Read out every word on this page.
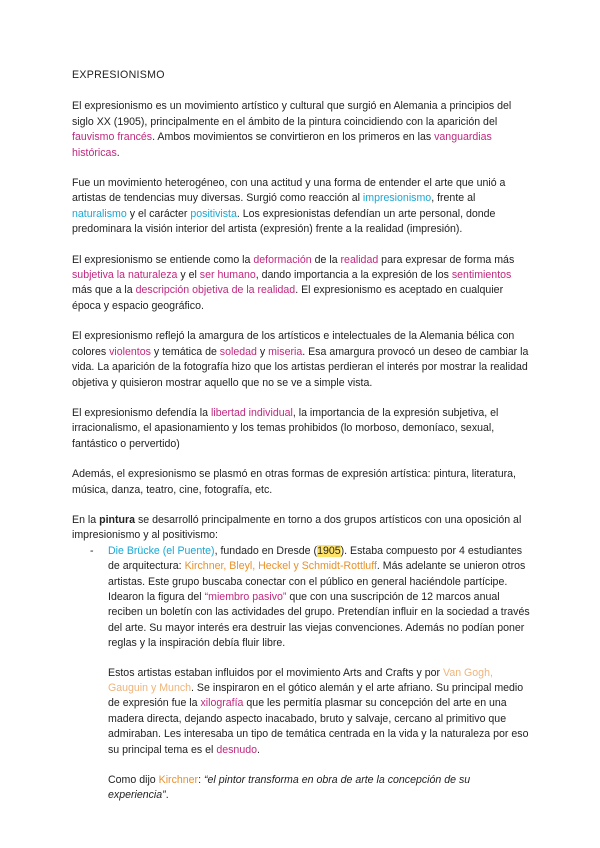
EXPRESIONISMO

El expresionismo es un movimiento artístico y cultural que surgió en Alemania a principios del siglo XX (1905), principalmente en el ámbito de la pintura coincidiendo con la aparición del fauvismo francés. Ambos movimientos se convirtieron en los primeros en las vanguardias históricas.

Fue un movimiento heterogéneo, con una actitud y una forma de entender el arte que unió a artistas de tendencias muy diversas. Surgió como reacción al impresionismo, frente al naturalismo y el carácter positivista. Los expresionistas defendían un arte personal, donde predominara la visión interior del artista (expresión) frente a la realidad (impresión).

El expresionismo se entiende como la deformación de la realidad para expresar de forma más subjetiva la naturaleza y el ser humano, dando importancia a la expresión de los sentimientos más que a la descripción objetiva de la realidad. El expresionismo es aceptado en cualquier época y espacio geográfico.

El expresionismo reflejó la amargura de los artísticos e intelectuales de la Alemania bélica con colores violentos y temática de soledad y miseria. Esa amargura provocó un deseo de cambiar la vida. La aparición de la fotografía hizo que los artistas perdieran el interés por mostrar la realidad objetiva y quisieron mostrar aquello que no se ve a simple vista.

El expresionismo defendía la libertad individual, la importancia de la expresión subjetiva, el irracionalismo, el apasionamiento y los temas prohibidos (lo morboso, demoníaco, sexual, fantástico o pervertido)

Además, el expresionismo se plasmó en otras formas de expresión artística: pintura, literatura, música, danza, teatro, cine, fotografía, etc.

En la pintura se desarrolló principalmente en torno a dos grupos artísticos con una oposición al impresionismo y al positivismo:

- Die Brücke (el Puente), fundado en Dresde (1905). Estaba compuesto por 4 estudiantes de arquitectura: Kirchner, Bleyl, Heckel y Schmidt-Rottluff. Más adelante se unieron otros artistas. Este grupo buscaba conectar con el público en general haciéndole partícipe. Idearon la figura del “miembro pasivo” que con una suscripción de 12 marcos anual reciben un boletín con las actividades del grupo. Pretendían influir en la sociedad a través del arte. Su mayor interés era destruir las viejas convenciones. Además no podían poner reglas y la inspiración debía fluir libre.
Estos artistas estaban influidos por el movimiento Arts and Crafts y por Van Gogh, Gauguin y Munch. Se inspiraron en el gótico alemán y el arte afriano. Su principal medio de expresión fue la xilografía que les permitía plasmar su concepción del arte en una madera directa, dejando aspecto inacabado, bruto y salvaje, cercano al primitivo que admiraban. Les interesaba un tipo de temática centrada en la vida y la naturaleza por eso su principal tema es el desnudo.
Como dijo Kirchner: “el pintor transforma en obra de arte la concepción de su experiencia”.
